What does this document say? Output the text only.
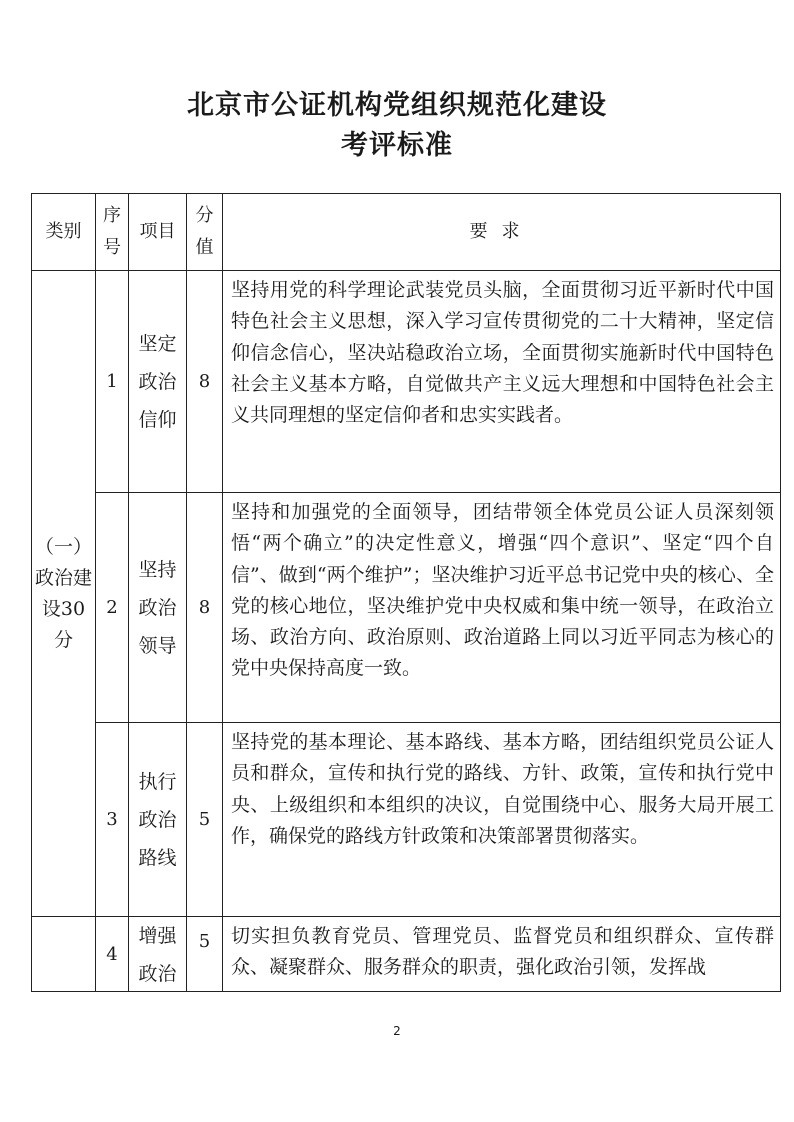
北京市公证机构党组织规范化建设
考评标准
类别	序号	项目	分值	要求

（一）政治建设30分	1	坚定政治信仰	8	坚持用党的科学理论武装党员头脑，全面贯彻习近平新时代中国特色社会主义思想，深入学习宣传贯彻党的二十大精神，坚定信仰信念信心，坚决站稳政治立场，全面贯彻实施新时代中国特色社会主义基本方略，自觉做共产主义远大理想和中国特色社会主义共同理想的坚定信仰者和忠实实践者。
	2	坚持政治领导	8	坚持和加强党的全面领导，团结带领全体党员公证人员深刻领悟“两个确立”的决定性意义，增强“四个意识”、坚定“四个自信”、做到“两个维护”；坚决维护习近平总书记党中央的核心、全党的核心地位，坚决维护党中央权威和集中统一领导，在政治立场、政治方向、政治原则、政治道路上同以习近平同志为核心的党中央保持高度一致。
	3	执行政治路线	5	坚持党的基本理论、基本路线、基本方略，团结组织党员公证人员和群众，宣传和执行党的路线、方针、政策，宣传和执行党中央、上级组织和本组织的决议，自觉围绕中心、服务大局开展工作，确保党的路线方针政策和决策部署贯彻落实。
	4	增强政治	5	切实担负教育党员、管理党员、监督党员和组织群众、宣传群众、凝聚群众、服务群众的职责，强化政治引领，发挥战
2
